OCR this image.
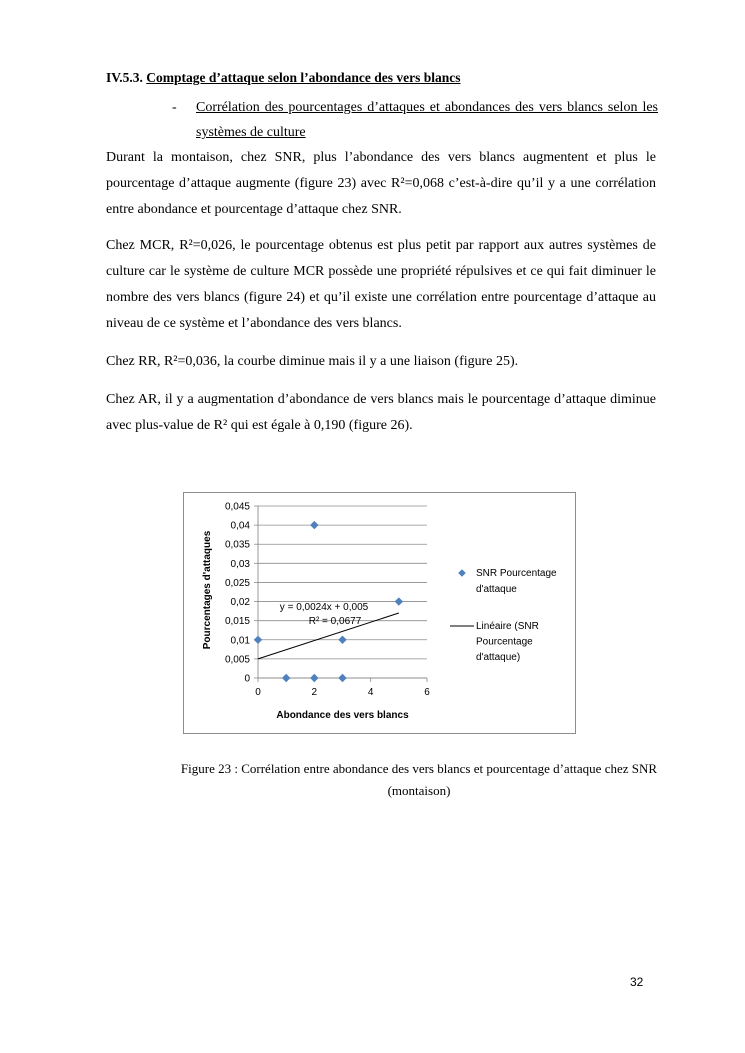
IV.5.3. Comptage d’attaque selon l’abondance des vers blancs
- Corrélation des pourcentages d’attaques et abondances des vers blancs selon les systèmes de culture

Durant la montaison, chez SNR, plus l’abondance des vers blancs augmentent et plus le pourcentage d’attaque augmente (figure 23) avec R²=0,068 c’est-à-dire qu’il y a une corrélation entre abondance et pourcentage d’attaque chez SNR.

Chez MCR, R²=0,026, le pourcentage obtenus est plus petit par rapport aux autres systèmes de culture car le système de culture MCR possède une propriété répulsives et ce qui fait diminuer le nombre des vers blancs (figure 24) et qu’il existe une corrélation entre pourcentage d’attaque au niveau de ce système et l’abondance des vers blancs.

Chez RR, R²=0,036, la courbe diminue mais il y a une liaison (figure 25).

Chez AR, il y a augmentation d’abondance de vers blancs mais le pourcentage d’attaque diminue avec plus-value de R² qui est égale à 0,190 (figure 26).

0
0,005
0,01
0,015
0,02
0,025
0,03
0,035
0,04
0,045
0	2	4	6
y = 0,0024x + 0,005
R² = 0,0677
Abondance des vers blancs
Pourcentages d'attaques	SNR Pourcentage
d'attaque
Linéaire (SNR
Pourcentage
d'attaque)
Figure 23 : Corrélation entre abondance des vers blancs et pourcentage d’attaque chez SNR (montaison)
32
